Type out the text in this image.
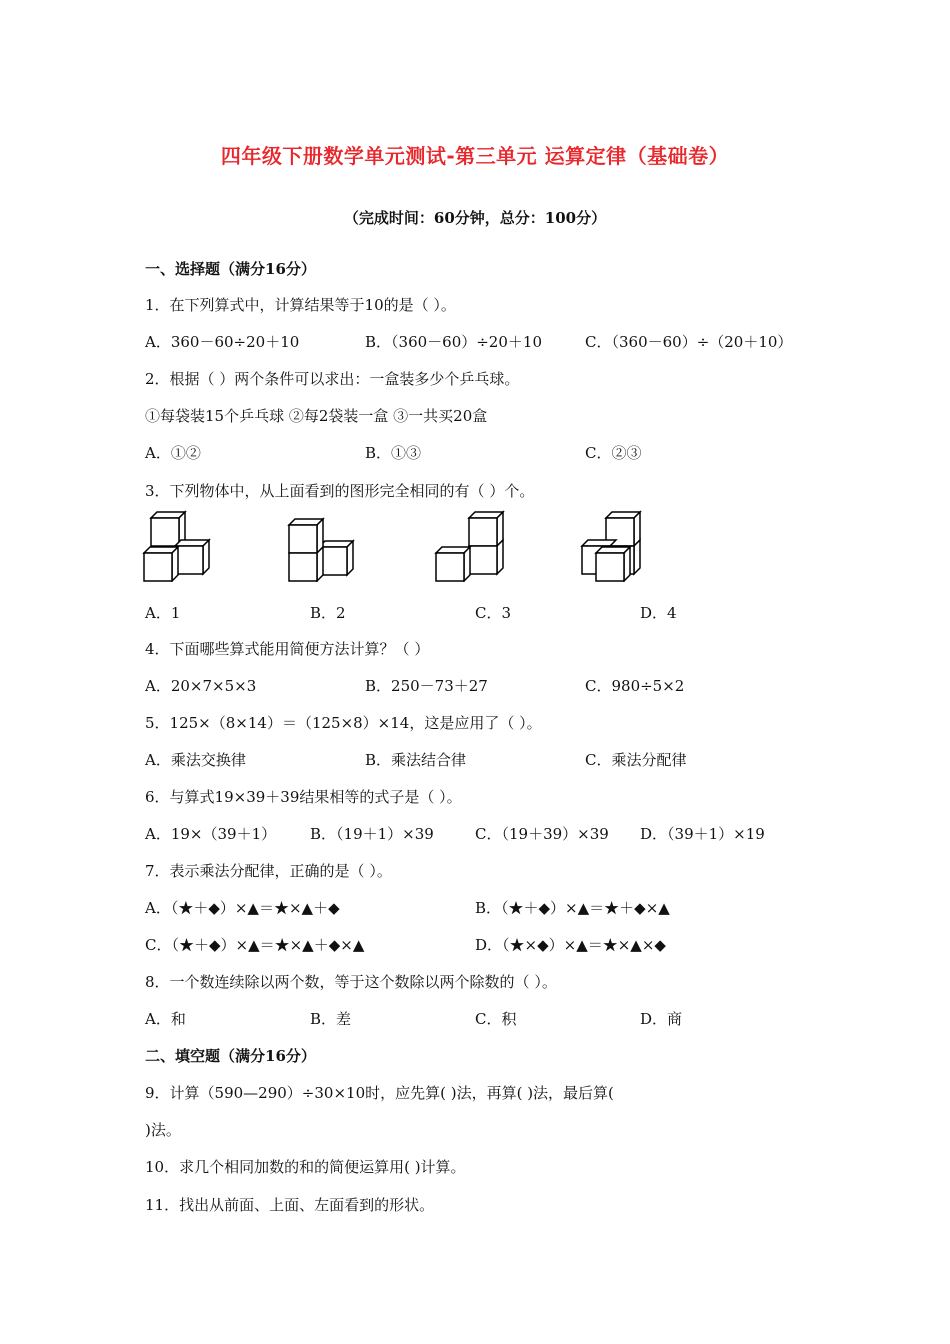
四年级下册数学单元测试-第三单元 运算定律（基础卷）
（完成时间：60分钟，总分：100分）
一、选择题（满分16分）
1．在下列算式中，计算结果等于10的是（ ）。
A．360－60÷20＋10	B．（360－60）÷20＋10	C．（360－60）÷（20＋10）
2．根据（ ）两个条件可以求出：一盒装多少个乒乓球。
①每袋装15个乒乓球 ②每2袋装一盒 ③一共买20盒
A．①②	B．①③	C．②③
3．下列物体中，从上面看到的图形完全相同的有（ ）个。
A．1	B．2	C．3	D．4
4．下面哪些算式能用简便方法计算？（ ）
A．20×7×5×3	B．250－73＋27	C．980÷5×2
5．125×（8×14）＝（125×8）×14，这是应用了（ ）。
A．乘法交换律	B．乘法结合律	C．乘法分配律
6．与算式19×39＋39结果相等的式子是（ ）。
A．19×（39＋1） B．（19＋1）×39	C．（19＋39）×39 D．（39＋1）×19
7．表示乘法分配律，正确的是（ ）。
A．（★＋◆）×▲＝★×▲＋◆	B．（★＋◆）×▲＝★＋◆×▲
C．（★＋◆）×▲＝★×▲＋◆×▲	D．（★×◆）×▲＝★×▲×◆
8．一个数连续除以两个数，等于这个数除以两个除数的（ ）。
A．和	B．差	C．积	D．商
二、填空题（满分16分）
9．计算（590—290）÷30×10时，应先算( )法，再算( )法，最后算(
)法。
10．求几个相同加数的和的简便运算用( )计算。
11．找出从前面、上面、左面看到的形状。
